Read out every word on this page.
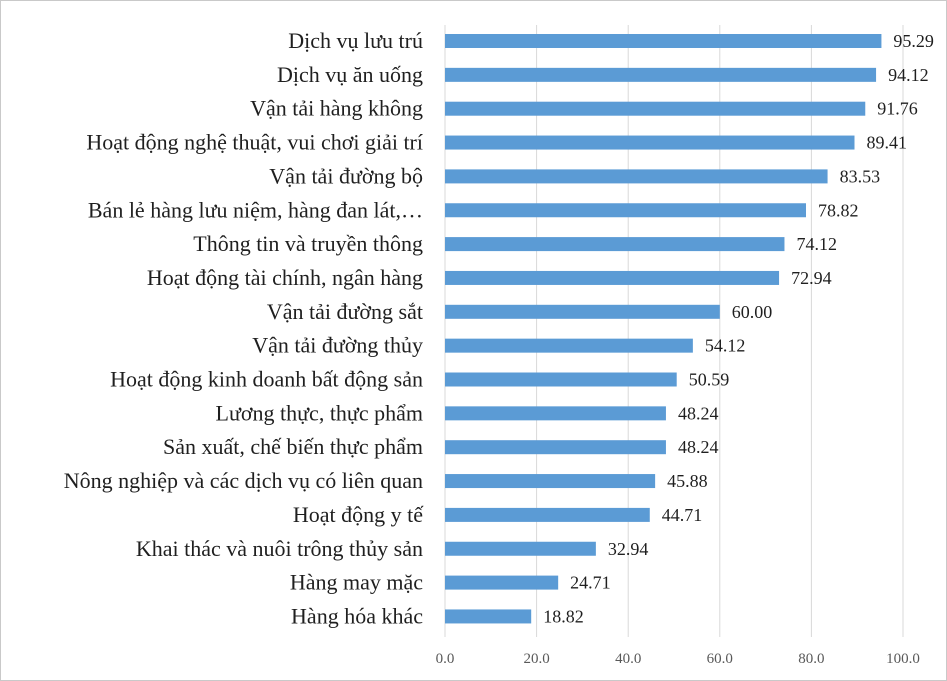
Dịch vụ lưu trú
Dịch vụ ăn uống
Vận tải hàng không
Hoạt động nghệ thuật, vui chơi giải trí
Vận tải đường bộ
Bán lẻ hàng lưu niệm, hàng đan lát,…
Thông tin và truyền thông
Hoạt động tài chính, ngân hàng
Vận tải đường sắt
Vận tải đường thủy
Hoạt động kinh doanh bất động sản
Lương thực, thực phẩm
Sản xuất, chế biến thực phẩm
Nông nghiệp và các dịch vụ có liên quan
Hoạt động y tế
Khai thác và nuôi trông thủy sản
Hàng may mặc
Hàng hóa khác
95.29
94.12
91.76
89.41
83.53
78.82
74.12
72.94
60.00
54.12
50.59
48.24
48.24
45.88
44.71
32.94
24.71
18.82
0.0	20.0	40.0	60.0	80.0	100.0
